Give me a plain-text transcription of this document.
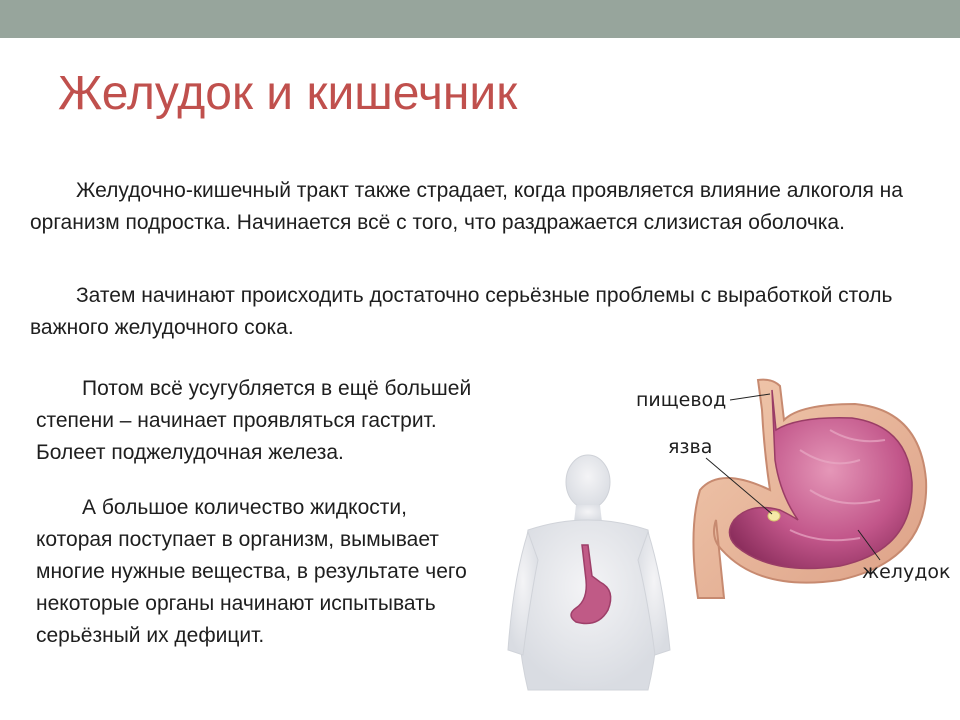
Желудок и кишечник

Желудочно-кишечный тракт также страдает, когда проявляется влияние алкоголя на организм подростка. Начинается всё с того, что раздражается слизистая оболочка.

Затем начинают происходить достаточно серьёзные проблемы с выработкой столь важного желудочного сока.

Потом всё усугубляется в ещё большей степени – начинает проявляться гастрит. Болеет поджелудочная железа.

А большое количество жидкости, которая поступает в организм, вымывает многие нужные вещества, в результате чего некоторые органы начинают испытывать серьёзный их дефицит.

пищевод
язва
желудок
